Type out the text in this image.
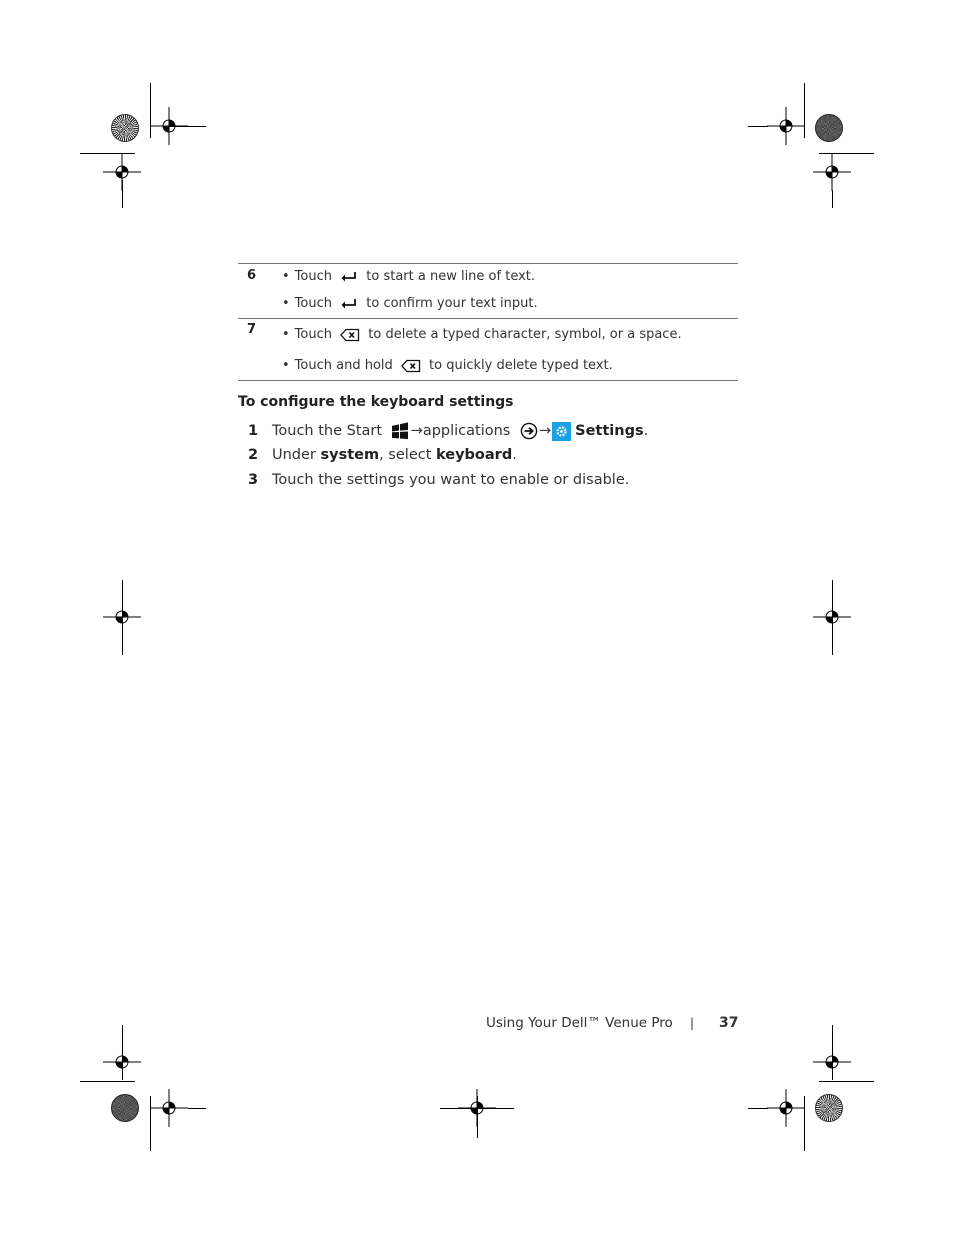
6 • Touch	to start a new line of text.
• Touch	to confirm your text input.
7 • Touch	to delete a typed character, symbol, or a space.
• Touch and hold	to quickly delete typed text.
To configure the keyboard settings
1 Touch the Start →applications → Settings.
2 Under system, select keyboard.
3 Touch the settings you want to enable or disable.
Using Your Dell™ Venue Pro | 37
